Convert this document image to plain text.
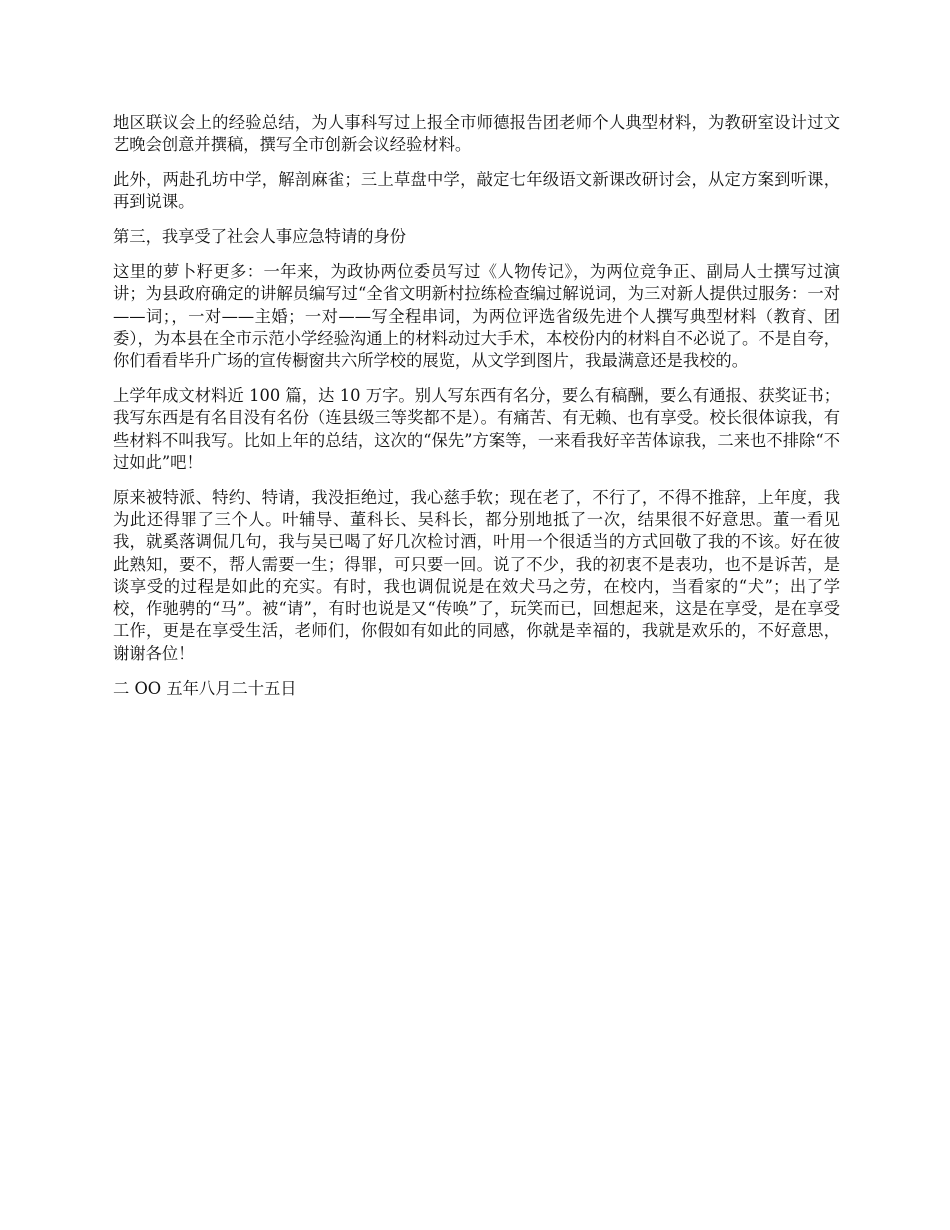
地区联议会上的经验总结，为人事科写过上报全市师德报告团老师个人典型材料，为教研室设计过文艺晚会创意并撰稿，撰写全市创新会议经验材料。

此外，两赴孔坊中学，解剖麻雀；三上草盘中学，敲定七年级语文新课改研讨会，从定方案到听课，再到说课。

第三，我享受了社会人事应急特请的身份

这里的萝卜籽更多：一年来，为政协两位委员写过《人物传记》，为两位竞争正、副局人士撰写过演讲；为县政府确定的讲解员编写过“全省文明新村拉练检查编过解说词，为三对新人提供过服务：一对——词；，一对——主婚；一对——写全程串词，为两位评选省级先进个人撰写典型材料（教育、团委），为本县在全市示范小学经验沟通上的材料动过大手术，本校份内的材料自不必说了。不是自夸，你们看看毕升广场的宣传橱窗共六所学校的展览，从文学到图片，我最满意还是我校的。

上学年成文材料近 100 篇，达 10 万字。别人写东西有名分，要么有稿酬，要么有通报、获奖证书；我写东西是有名目没有名份（连县级三等奖都不是）。有痛苦、有无赖、也有享受。校长很体谅我，有些材料不叫我写。比如上年的总结，这次的“保先”方案等，一来看我好辛苦体谅我，二来也不排除“不过如此”吧！

原来被特派、特约、特请，我没拒绝过，我心慈手软；现在老了，不行了，不得不推辞，上年度，我为此还得罪了三个人。叶辅导、董科长、吴科长，都分别地抵了一次，结果很不好意思。董一看见我，就奚落调侃几句，我与吴已喝了好几次检讨酒，叶用一个很适当的方式回敬了我的不该。好在彼此熟知，要不，帮人需要一生；得罪，可只要一回。说了不少，我的初衷不是表功，也不是诉苦，是谈享受的过程是如此的充实。有时，我也调侃说是在效犬马之劳，在校内，当看家的“犬”；出了学校，作驰骋的“马”。被“请”，有时也说是又“传唤”了，玩笑而已，回想起来，这是在享受，是在享受工作，更是在享受生活，老师们，你假如有如此的同感，你就是幸福的，我就是欢乐的，不好意思，谢谢各位！

二 OO 五年八月二十五日
